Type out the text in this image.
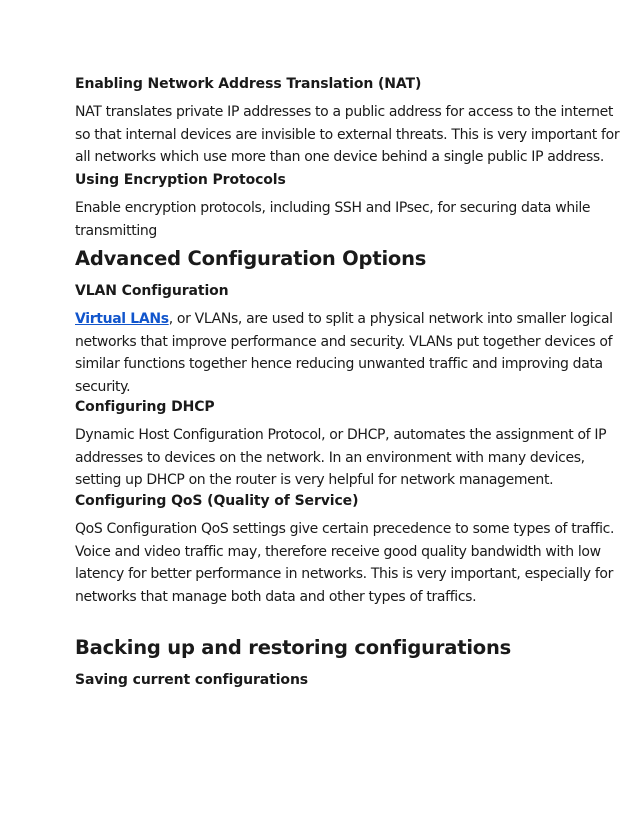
Enabling Network Address Translation (NAT)

NAT translates private IP addresses to a public address for access to the internet
so that internal devices are invisible to external threats. This is very important for
all networks which use more than one device behind a single public IP address.

Using Encryption Protocols

Enable encryption protocols, including SSH and IPsec, for securing data while
transmitting

Advanced Configuration Options
VLAN Configuration

Virtual LANs, or VLANs, are used to split a physical network into smaller logical
networks that improve performance and security. VLANs put together devices of
similar functions together hence reducing unwanted traffic and improving data
security.

Configuring DHCP

Dynamic Host Configuration Protocol, or DHCP, automates the assignment of IP
addresses to devices on the network. In an environment with many devices,
setting up DHCP on the router is very helpful for network management.

Configuring QoS (Quality of Service)

QoS Configuration QoS settings give certain precedence to some types of traffic.
Voice and video traffic may, therefore receive good quality bandwidth with low
latency for better performance in networks. This is very important, especially for
networks that manage both data and other types of traffics.

Backing up and restoring configurations
Saving current configurations
